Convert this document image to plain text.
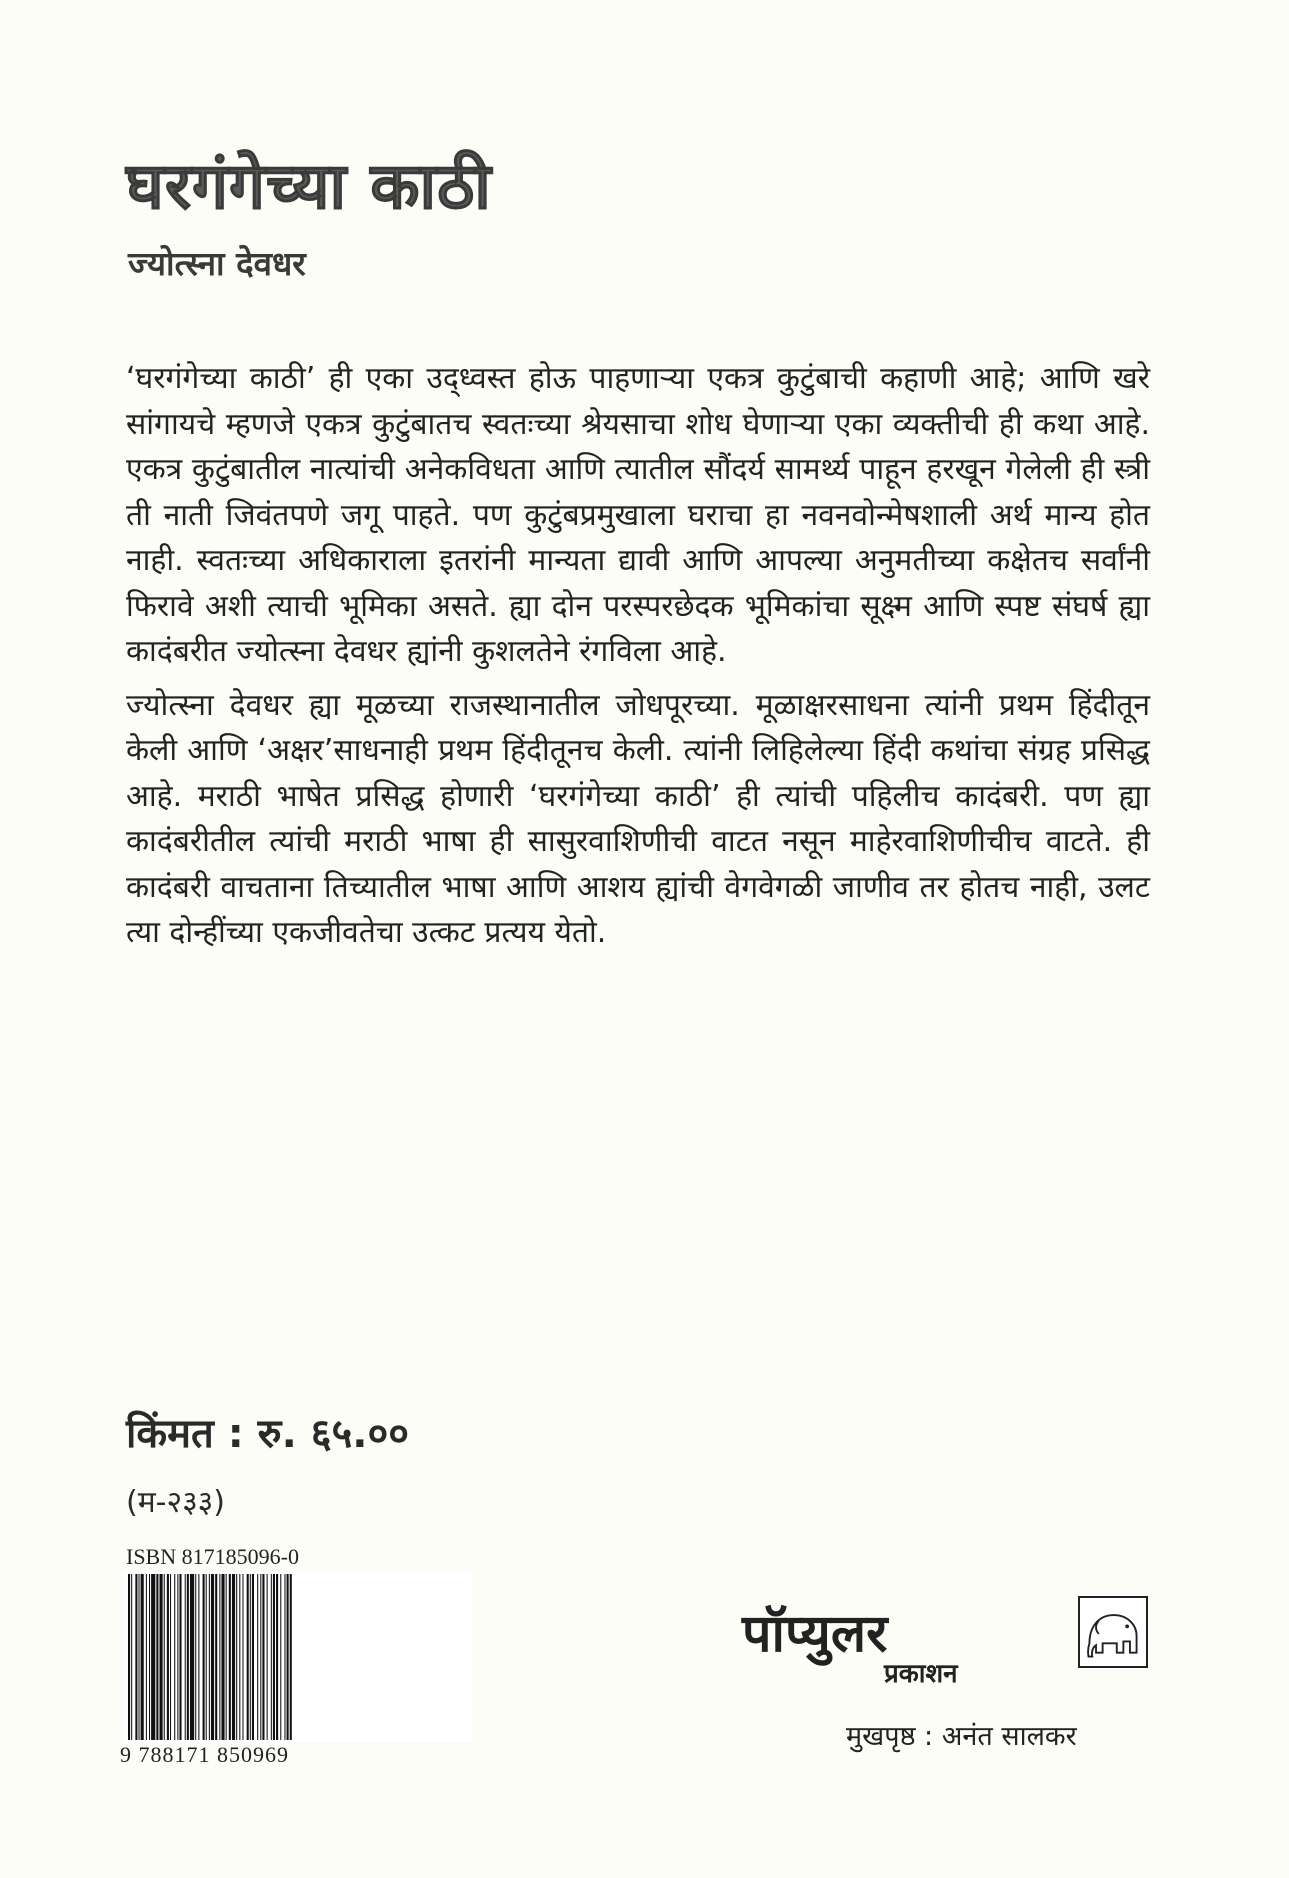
घरगंगेच्या काठी
ज्योत्स्ना देवधर

‘घरगंगेच्या काठी’ ही एका उद्ध्वस्त होऊ पाहणाऱ्या एकत्र कुटुंबाची कहाणी आहे; आणि खरे सांगायचे म्हणजे एकत्र कुटुंबातच स्वतःच्या श्रेयसाचा शोध घेणाऱ्या एका व्यक्तीची ही कथा आहे. एकत्र कुटुंबातील नात्यांची अनेकविधता आणि त्यातील सौंदर्य सामर्थ्य पाहून हरखून गेलेली ही स्त्री ती नाती जिवंतपणे जगू पाहते. पण कुटुंबप्रमुखाला घराचा हा नवनवोन्मेषशाली अर्थ मान्य होत नाही. स्वतःच्या अधिकाराला इतरांनी मान्यता द्यावी आणि आपल्या अनुमतीच्या कक्षेतच सर्वांनी फिरावे अशी त्याची भूमिका असते. ह्या दोन परस्परछेदक भूमिकांचा सूक्ष्म आणि स्पष्ट संघर्ष ह्या कादंबरीत ज्योत्स्ना देवधर ह्यांनी कुशलतेने रंगविला आहे.

ज्योत्स्ना देवधर ह्या मूळच्या राजस्थानातील जोधपूरच्या. मूळाक्षरसाधना त्यांनी प्रथम हिंदीतून केली आणि ‘अक्षर’साधनाही प्रथम हिंदीतूनच केली. त्यांनी लिहिलेल्या हिंदी कथांचा संग्रह प्रसिद्ध आहे. मराठी भाषेत प्रसिद्ध होणारी ‘घरगंगेच्या काठी’ ही त्यांची पहिलीच कादंबरी. पण ह्या कादंबरीतील त्यांची मराठी भाषा ही सासुरवाशिणीची वाटत नसून माहेरवाशिणीचीच वाटते. ही कादंबरी वाचताना तिच्यातील भाषा आणि आशय ह्यांची वेगवेगळी जाणीव तर होतच नाही, उलट त्या दोन्हींच्या एकजीवतेचा उत्कट प्रत्यय येतो.

किंमत : रु. ६५.००
(म-२३३)
ISBN 817185096-0
9 788171 850969
पॉप्युलर
प्रकाशन
मुखपृष्ठ : अनंत सालकर
